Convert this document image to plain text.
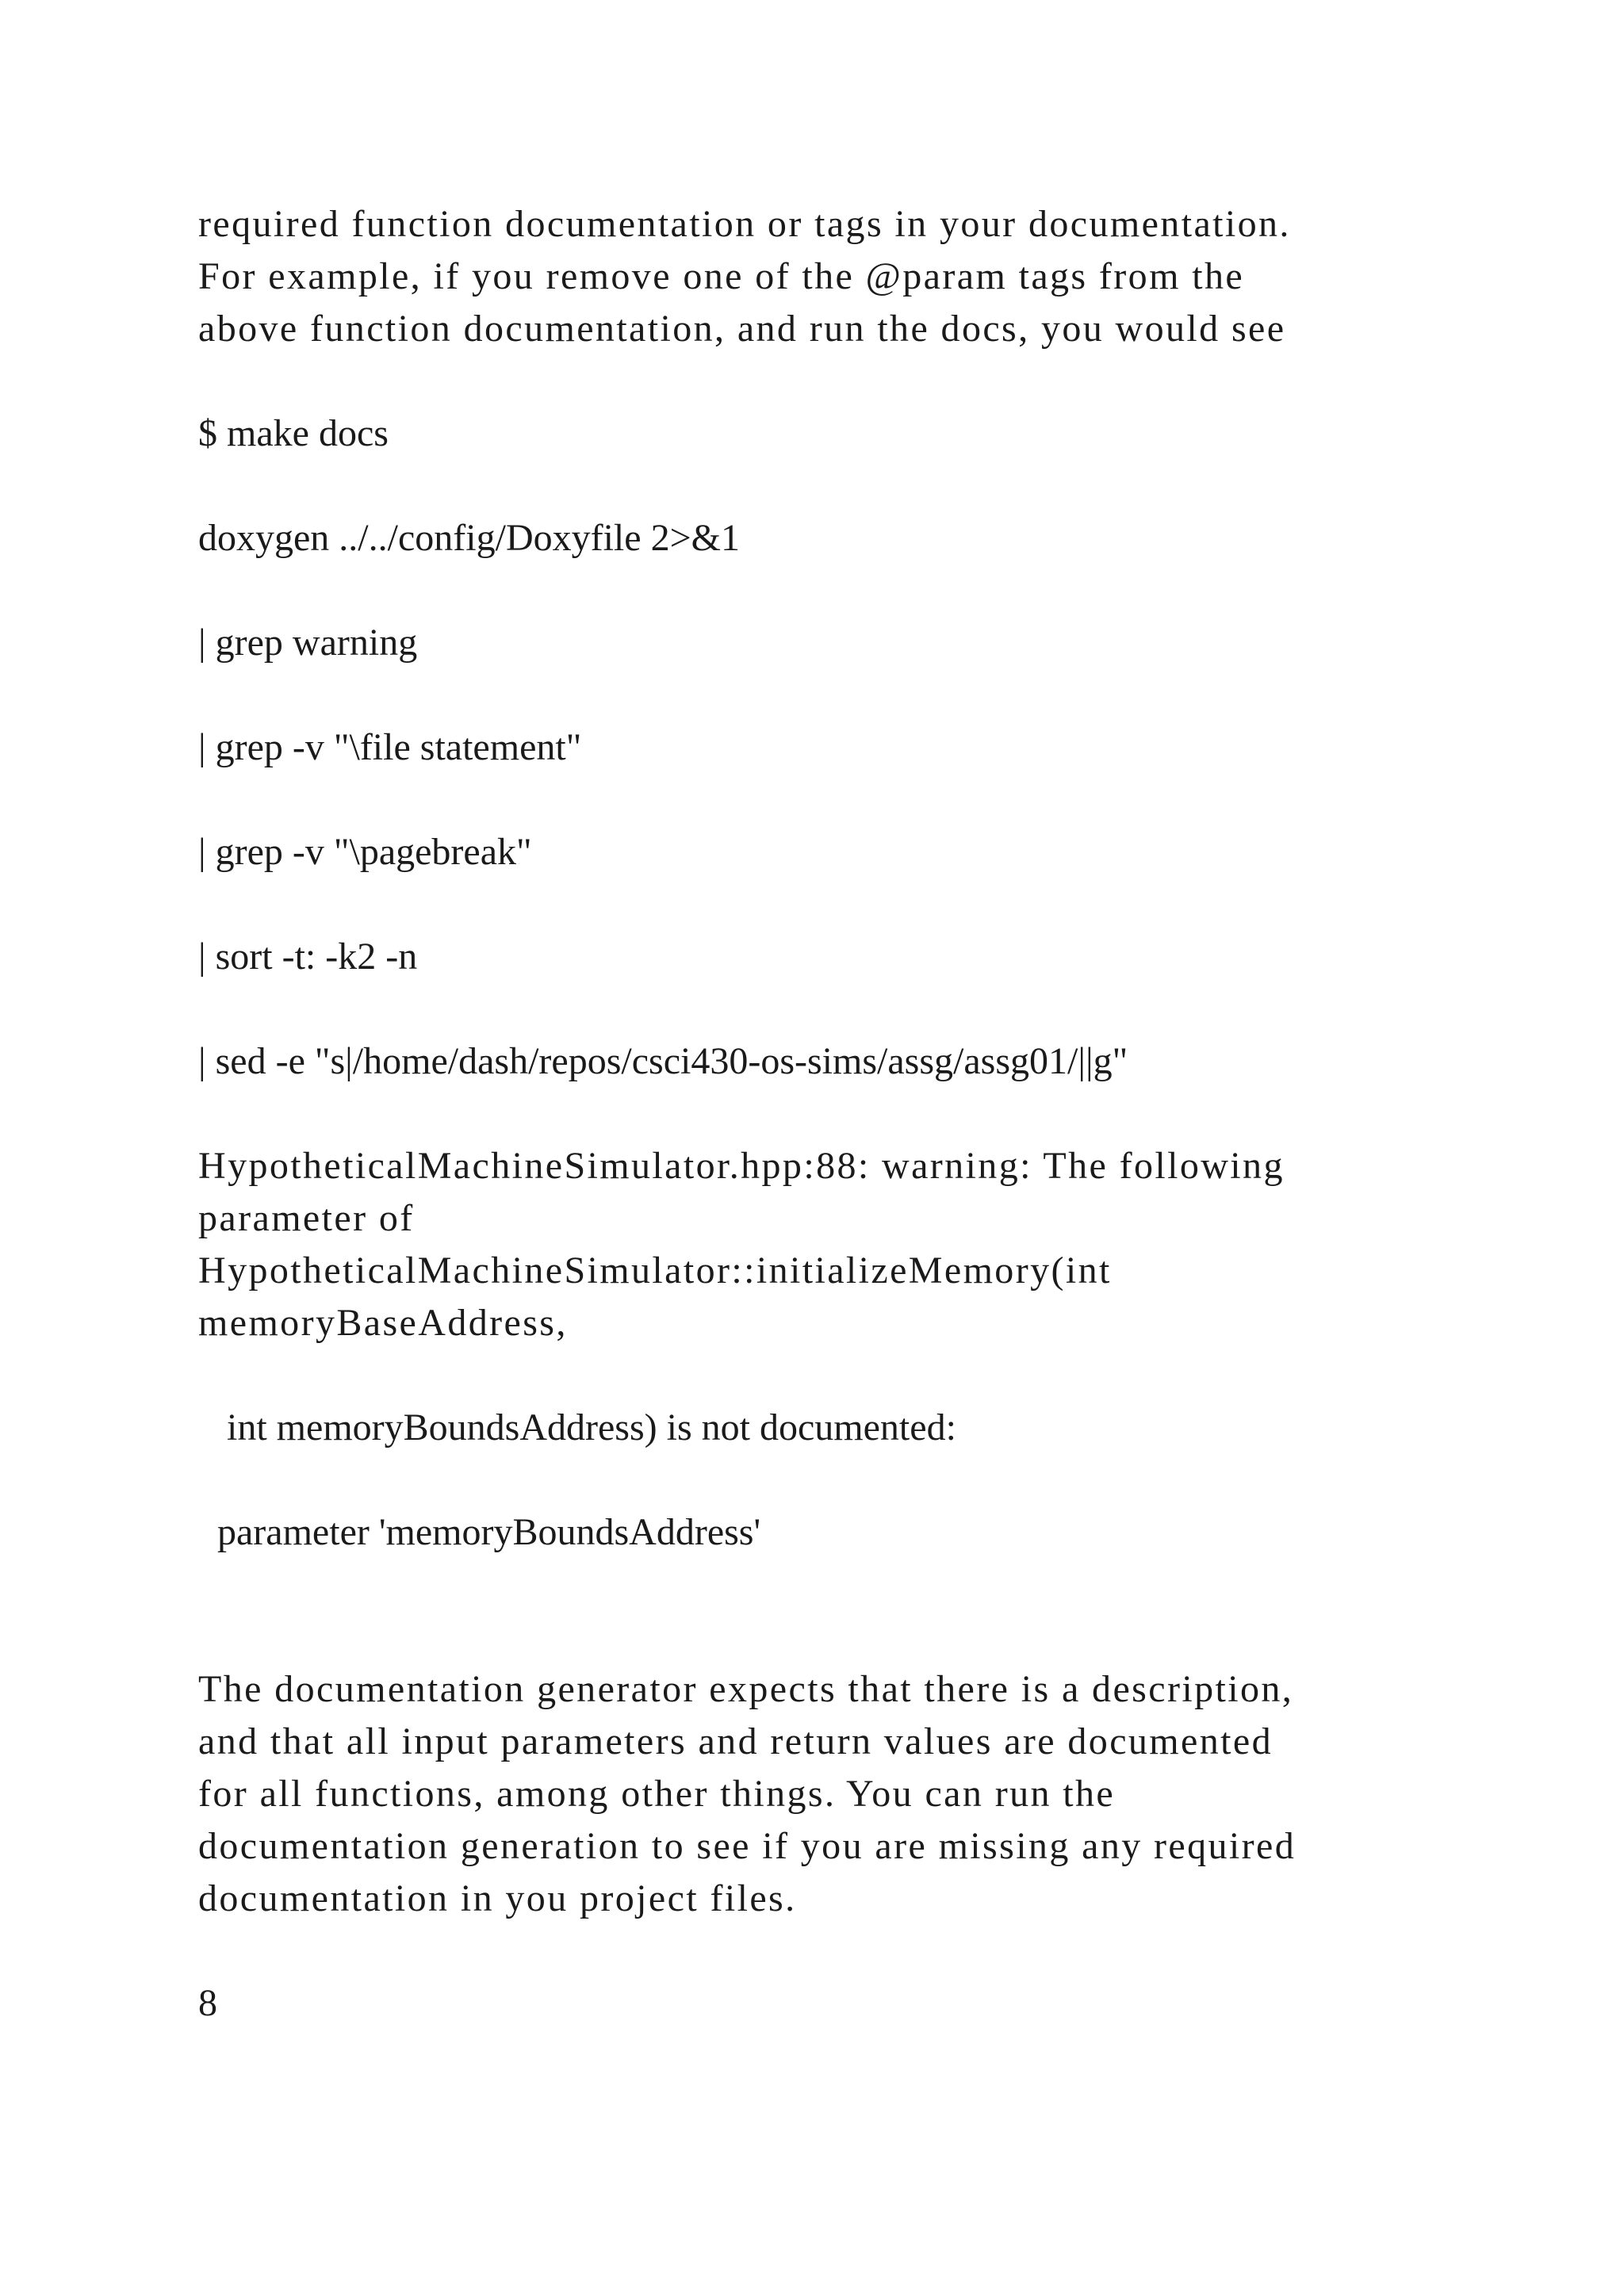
required function documentation or tags in your documentation.
For example, if you remove one of the @param tags from the
above function documentation, and run the docs, you would see
$ make docs
doxygen ../../config/Doxyfile 2>&1
| grep warning
| grep -v "\file statement"
| grep -v "\pagebreak"
| sort -t: -k2 -n
| sed -e "s|/home/dash/repos/csci430-os-sims/assg/assg01/||g"
HypotheticalMachineSimulator.hpp:88: warning: The following
parameter of
HypotheticalMachineSimulator::initializeMemory(int
memoryBaseAddress,
int memoryBoundsAddress) is not documented:
parameter 'memoryBoundsAddress'
The documentation generator expects that there is a description,
and that all input parameters and return values are documented
for all functions, among other things. You can run the
documentation generation to see if you are missing any required
documentation in you project files.
8
